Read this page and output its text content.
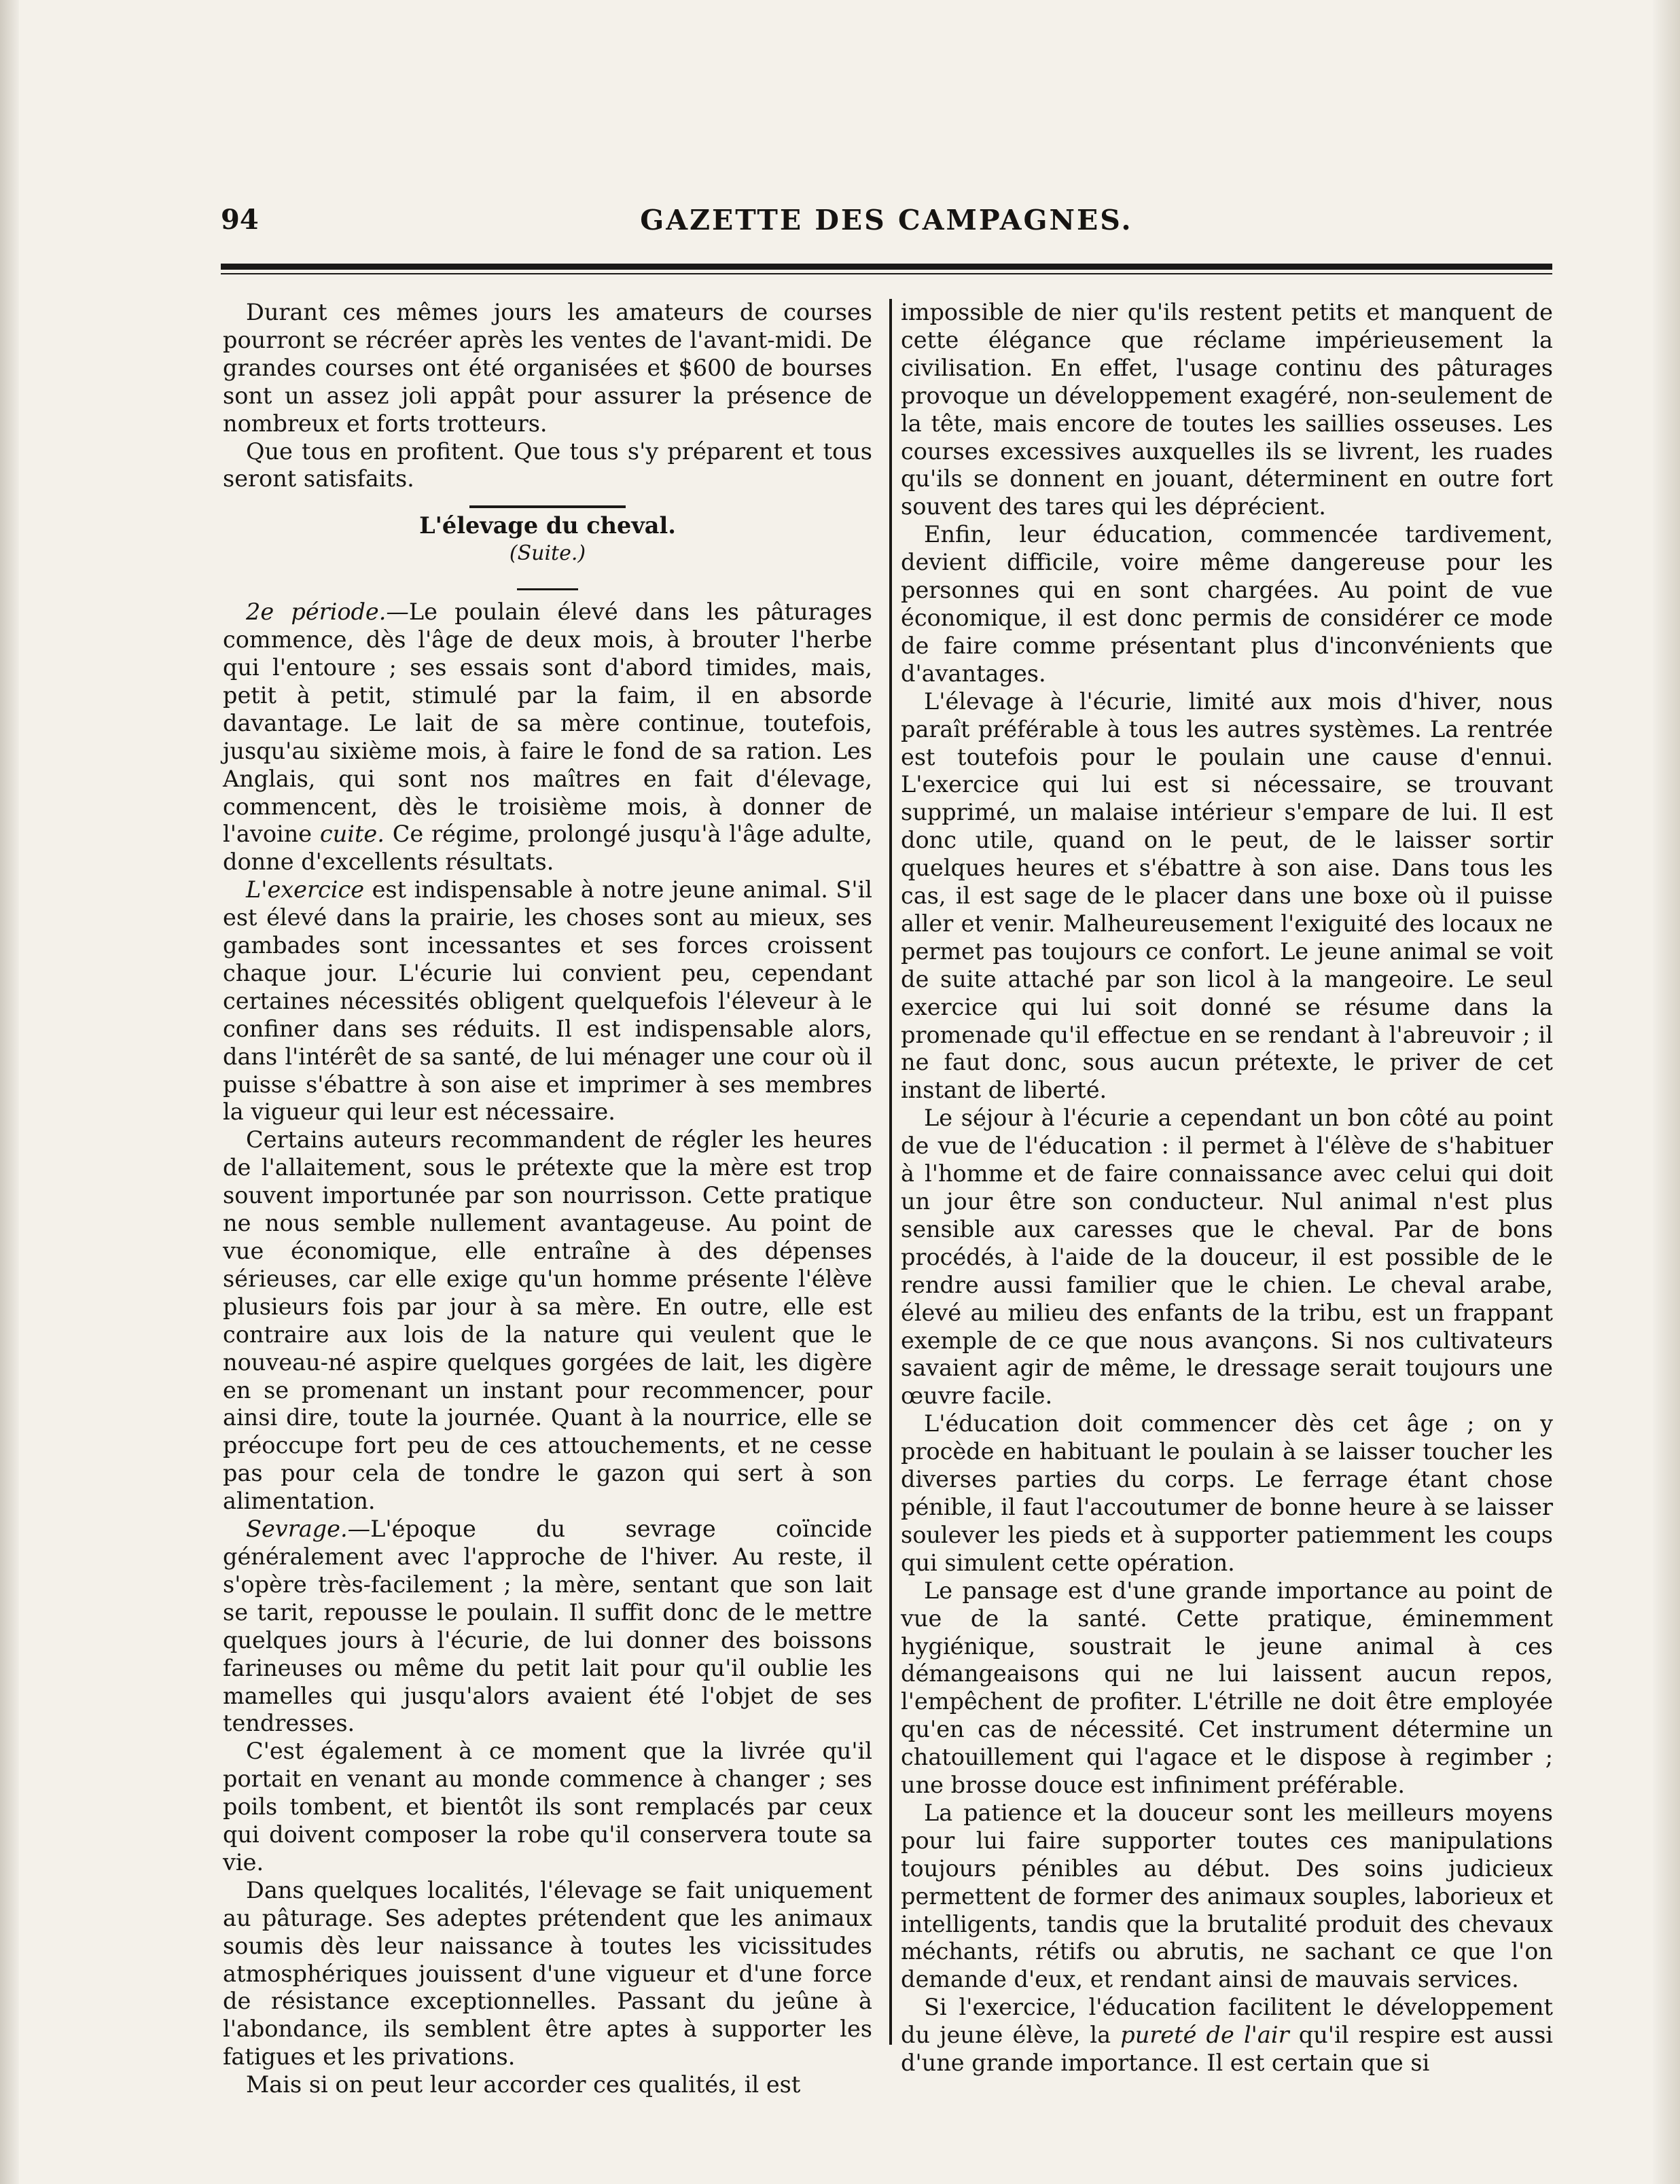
94	GAZETTE DES CAMPAGNES.

Durant ces mêmes jours les amateurs de courses pourront se récréer après les ventes de l'avant-midi. De grandes courses ont été organisées et $600 de bourses sont un assez joli appât pour assurer la présence de nombreux et forts trotteurs.

Que tous en profitent. Que tous s'y préparent et tous seront satisfaits.

L'élevage du cheval.

(Suite.)

2e période.—Le poulain élevé dans les pâturages commence, dès l'âge de deux mois, à brouter l'herbe qui l'entoure ; ses essais sont d'abord timides, mais, petit à petit, stimulé par la faim, il en absorde davantage. Le lait de sa mère continue, toutefois, jusqu'au sixième mois, à faire le fond de sa ration. Les Anglais, qui sont nos maîtres en fait d'élevage, commencent, dès le troisième mois, à donner de l'avoine cuite. Ce régime, prolongé jusqu'à l'âge adulte, donne d'excellents résultats.

L'exercice est indispensable à notre jeune animal. S'il est élevé dans la prairie, les choses sont au mieux, ses gambades sont incessantes et ses forces croissent chaque jour. L'écurie lui convient peu, cependant certaines nécessités obligent quelquefois l'éleveur à le confiner dans ses réduits. Il est indispensable alors, dans l'intérêt de sa santé, de lui ménager une cour où il puisse s'ébattre à son aise et imprimer à ses membres la vigueur qui leur est nécessaire.

Certains auteurs recommandent de régler les heures de l'allaitement, sous le prétexte que la mère est trop souvent importunée par son nourrisson. Cette pratique ne nous semble nullement avantageuse. Au point de vue économique, elle entraîne à des dépenses sérieuses, car elle exige qu'un homme présente l'élève plusieurs fois par jour à sa mère. En outre, elle est contraire aux lois de la nature qui veulent que le nouveau-né aspire quelques gorgées de lait, les digère en se promenant un instant pour recommencer, pour ainsi dire, toute la journée. Quant à la nourrice, elle se préoccupe fort peu de ces attouchements, et ne cesse pas pour cela de tondre le gazon qui sert à son alimentation.

Sevrage.—L'époque du sevrage coïncide généralement avec l'approche de l'hiver. Au reste, il s'opère très-facilement ; la mère, sentant que son lait se tarit, repousse le poulain. Il suffit donc de le mettre quelques jours à l'écurie, de lui donner des boissons farineuses ou même du petit lait pour qu'il oublie les mamelles qui jusqu'alors avaient été l'objet de ses tendresses.

C'est également à ce moment que la livrée qu'il portait en venant au monde commence à changer ; ses poils tombent, et bientôt ils sont remplacés par ceux qui doivent composer la robe qu'il conservera toute sa vie.

Dans quelques localités, l'élevage se fait uniquement au pâturage. Ses adeptes prétendent que les animaux soumis dès leur naissance à toutes les vicissitudes atmosphériques jouissent d'une vigueur et d'une force de résistance exceptionnelles. Passant du jeûne à l'abondance, ils semblent être aptes à supporter les fatigues et les privations.

Mais si on peut leur accorder ces qualités, il est

impossible de nier qu'ils restent petits et manquent de cette élégance que réclame impérieusement la civilisation. En effet, l'usage continu des pâturages provoque un développement exagéré, non-seulement de la tête, mais encore de toutes les saillies osseuses. Les courses excessives auxquelles ils se livrent, les ruades qu'ils se donnent en jouant, déterminent en outre fort souvent des tares qui les déprécient.

Enfin, leur éducation, commencée tardivement, devient difficile, voire même dangereuse pour les personnes qui en sont chargées. Au point de vue économique, il est donc permis de considérer ce mode de faire comme présentant plus d'inconvénients que d'avantages.

L'élevage à l'écurie, limité aux mois d'hiver, nous paraît préférable à tous les autres systèmes. La rentrée est toutefois pour le poulain une cause d'ennui. L'exercice qui lui est si nécessaire, se trouvant supprimé, un malaise intérieur s'empare de lui. Il est donc utile, quand on le peut, de le laisser sortir quelques heures et s'ébattre à son aise. Dans tous les cas, il est sage de le placer dans une boxe où il puisse aller et venir. Malheureusement l'exiguité des locaux ne permet pas toujours ce confort. Le jeune animal se voit de suite attaché par son licol à la mangeoire. Le seul exercice qui lui soit donné se résume dans la promenade qu'il effectue en se rendant à l'abreuvoir ; il ne faut donc, sous aucun prétexte, le priver de cet instant de liberté.

Le séjour à l'écurie a cependant un bon côté au point de vue de l'éducation : il permet à l'élève de s'habituer à l'homme et de faire connaissance avec celui qui doit un jour être son conducteur. Nul animal n'est plus sensible aux caresses que le cheval. Par de bons procédés, à l'aide de la douceur, il est possible de le rendre aussi familier que le chien. Le cheval arabe, élevé au milieu des enfants de la tribu, est un frappant exemple de ce que nous avançons. Si nos cultivateurs savaient agir de même, le dressage serait toujours une œuvre facile.

L'éducation doit commencer dès cet âge ; on y procède en habituant le poulain à se laisser toucher les diverses parties du corps. Le ferrage étant chose pénible, il faut l'accoutumer de bonne heure à se laisser soulever les pieds et à supporter patiemment les coups qui simulent cette opération.

Le pansage est d'une grande importance au point de vue de la santé. Cette pratique, éminemment hygiénique, soustrait le jeune animal à ces démangeaisons qui ne lui laissent aucun repos, l'empêchent de profiter. L'étrille ne doit être employée qu'en cas de nécessité. Cet instrument détermine un chatouillement qui l'agace et le dispose à regimber ; une brosse douce est infiniment préférable.

La patience et la douceur sont les meilleurs moyens pour lui faire supporter toutes ces manipulations toujours pénibles au début. Des soins judicieux permettent de former des animaux souples, laborieux et intelligents, tandis que la brutalité produit des chevaux méchants, rétifs ou abrutis, ne sachant ce que l'on demande d'eux, et rendant ainsi de mauvais services.

Si l'exercice, l'éducation facilitent le développement du jeune élève, la pureté de l'air qu'il respire est aussi d'une grande importance. Il est certain que si
